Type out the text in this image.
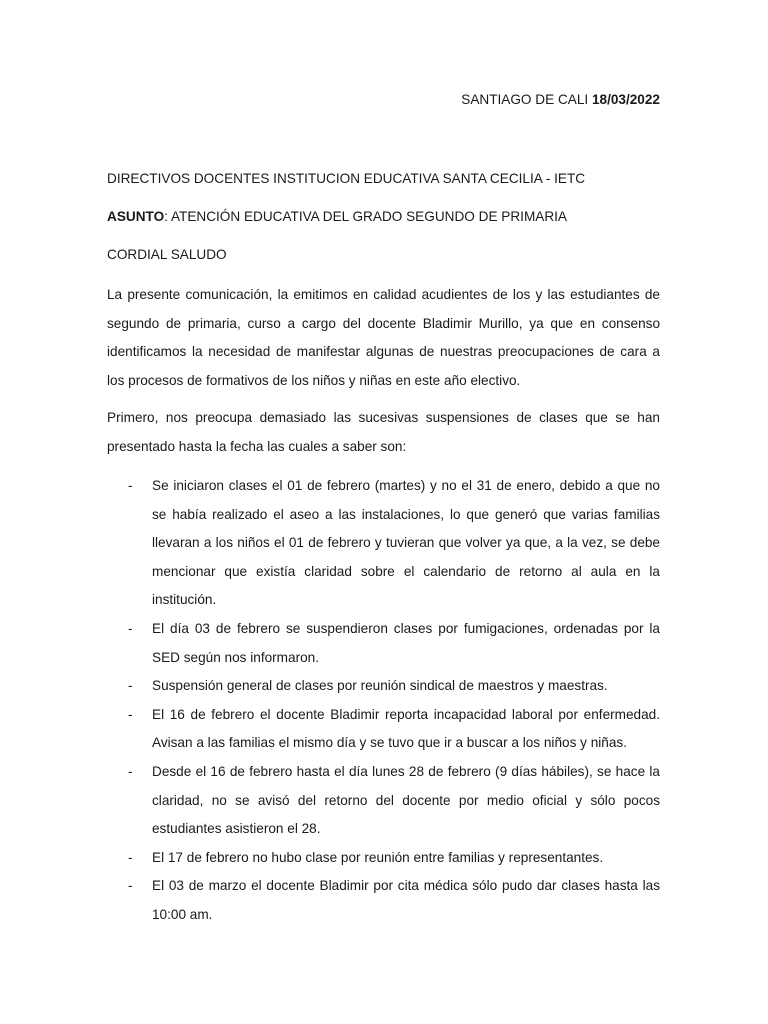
SANTIAGO DE CALI 18/03/2022
DIRECTIVOS DOCENTES INSTITUCION EDUCATIVA SANTA CECILIA - IETC
ASUNTO: ATENCIÓN EDUCATIVA DEL GRADO SEGUNDO DE PRIMARIA
CORDIAL SALUDO

La presente comunicación, la emitimos en calidad acudientes de los y las estudiantes de segundo de primaria, curso a cargo del docente Bladimir Murillo, ya que en consenso identificamos la necesidad de manifestar algunas de nuestras preocupaciones de cara a los procesos de formativos de los niños y niñas en este año electivo.

Primero, nos preocupa demasiado las sucesivas suspensiones de clases que se han presentado hasta la fecha las cuales a saber son:

- Se iniciaron clases el 01 de febrero (martes) y no el 31 de enero, debido a que no se había realizado el aseo a las instalaciones, lo que generó que varias familias llevaran a los niños el 01 de febrero y tuvieran que volver ya que, a la vez, se debe mencionar que existía claridad sobre el calendario de retorno al aula en la institución.
- El día 03 de febrero se suspendieron clases por fumigaciones, ordenadas por la SED según nos informaron.
- Suspensión general de clases por reunión sindical de maestros y maestras.
- El 16 de febrero el docente Bladimir reporta incapacidad laboral por enfermedad. Avisan a las familias el mismo día y se tuvo que ir a buscar a los niños y niñas.
- Desde el 16 de febrero hasta el día lunes 28 de febrero (9 días hábiles), se hace la claridad, no se avisó del retorno del docente por medio oficial y sólo pocos estudiantes asistieron el 28.
- El 17 de febrero no hubo clase por reunión entre familias y representantes.
- El 03 de marzo el docente Bladimir por cita médica sólo pudo dar clases hasta las 10:00 am.
